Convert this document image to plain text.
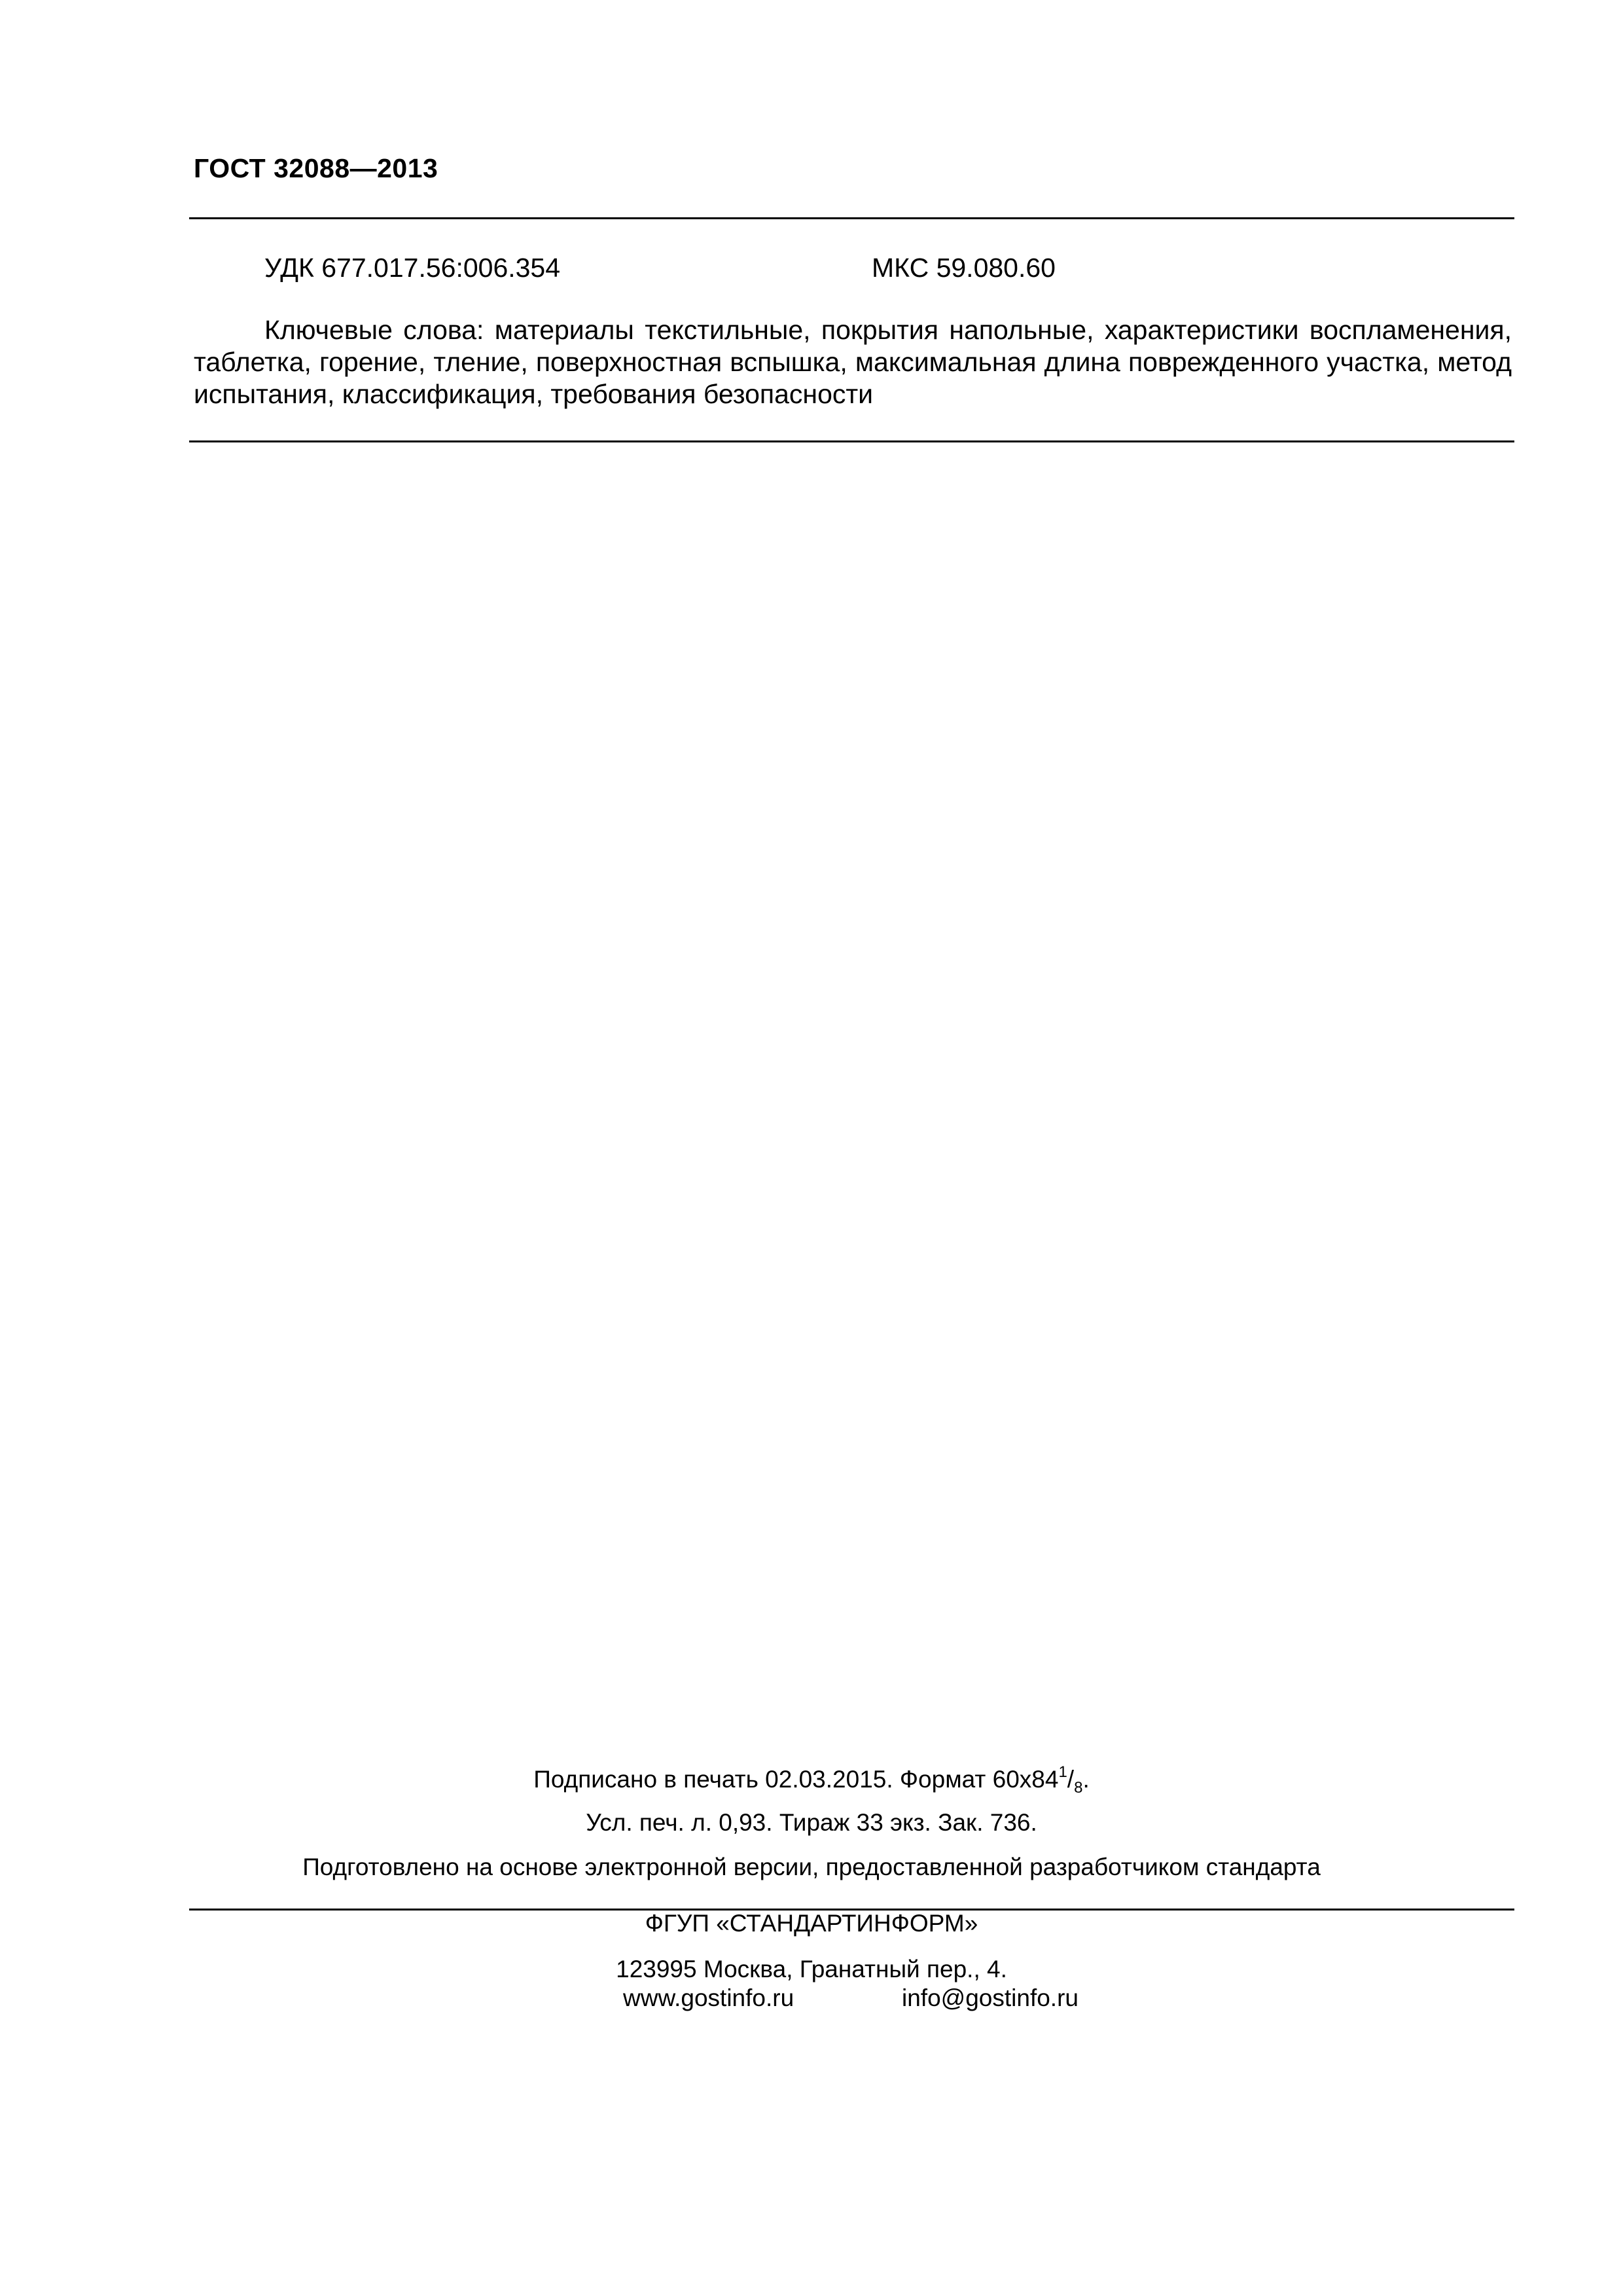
ГОСТ 32088—2013
УДК 677.017.56:006.354	МКС 59.080.60

Ключевые слова: материалы текстильные, покрытия напольные, характеристики воспламенения, таблетка, горение, тление, поверхностная вспышка, максимальная длина поврежденного участка, метод испытания, классификация, требования безопасности

Подписано в печать 02.03.2015. Формат $60x84^1/_8$.
Усл. печ. л. 0,93. Тираж 33 экз. Зак. 736.
Подготовлено на основе электронной версии, предоставленной разработчиком стандарта
ФГУП «СТАНДАРТИНФОРМ»
123995 Москва, Гранатный пер., 4.
www.gostinfo.ru	info@gostinfo.ru
